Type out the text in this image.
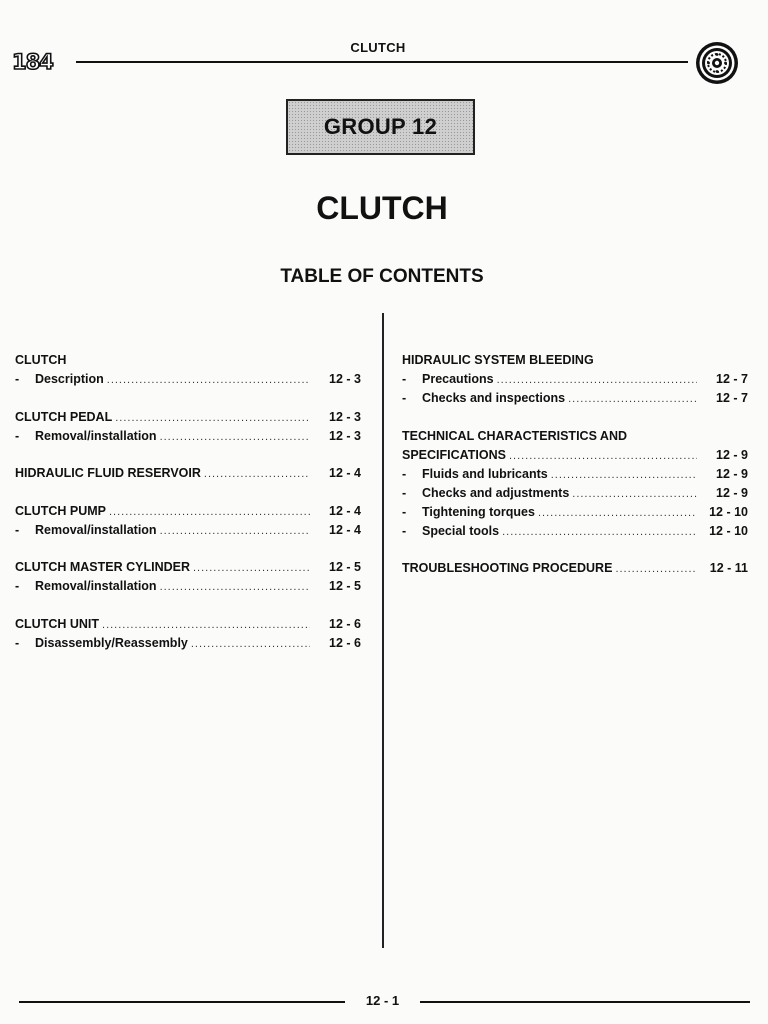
184
CLUTCH
GROUP 12
CLUTCH
TABLE OF CONTENTS
CLUTCH
-	Description .....	12 - 3
CLUTCH PEDAL .....	12 - 3
-	Removal/installation .....	12 - 3
HIDRAULIC FLUID RESERVOIR .....	12 - 4
CLUTCH PUMP .....	12 - 4
-	Removal/installation .....	12 - 4
CLUTCH MASTER CYLINDER .....	12 - 5
-	Removal/installation .....	12 - 5
CLUTCH UNIT .....	12 - 6
-	Disassembly/Reassembly .....	12 - 6
HIDRAULIC SYSTEM BLEEDING
-	Precautions .....	12 - 7
-	Checks and inspections .....	12 - 7
TECHNICAL CHARACTERISTICS AND
SPECIFICATIONS .....	12 - 9
-	Fluids and lubricants .....	12 - 9
-	Checks and adjustments .....	12 - 9
-	Tightening torques .....	12 - 10
-	Special tools .....	12 - 10
TROUBLESHOOTING PROCEDURE .....	12 - 11
12 - 1
